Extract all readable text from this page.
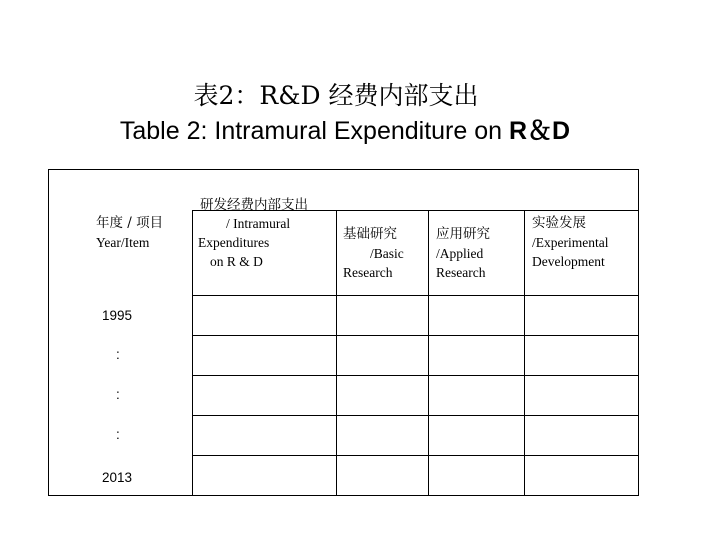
表2：R&D 经费内部支出
Table 2: Intramural Expenditure on R＆D
年度 / 项目
Year/Item
研发经费内部支出
/ Intramural
Expenditures
on R & D
基础研究
/Basic
Research
应用研究
/Applied
Research
实验发展
/Experimental
Development
1995
:
:
:
2013
